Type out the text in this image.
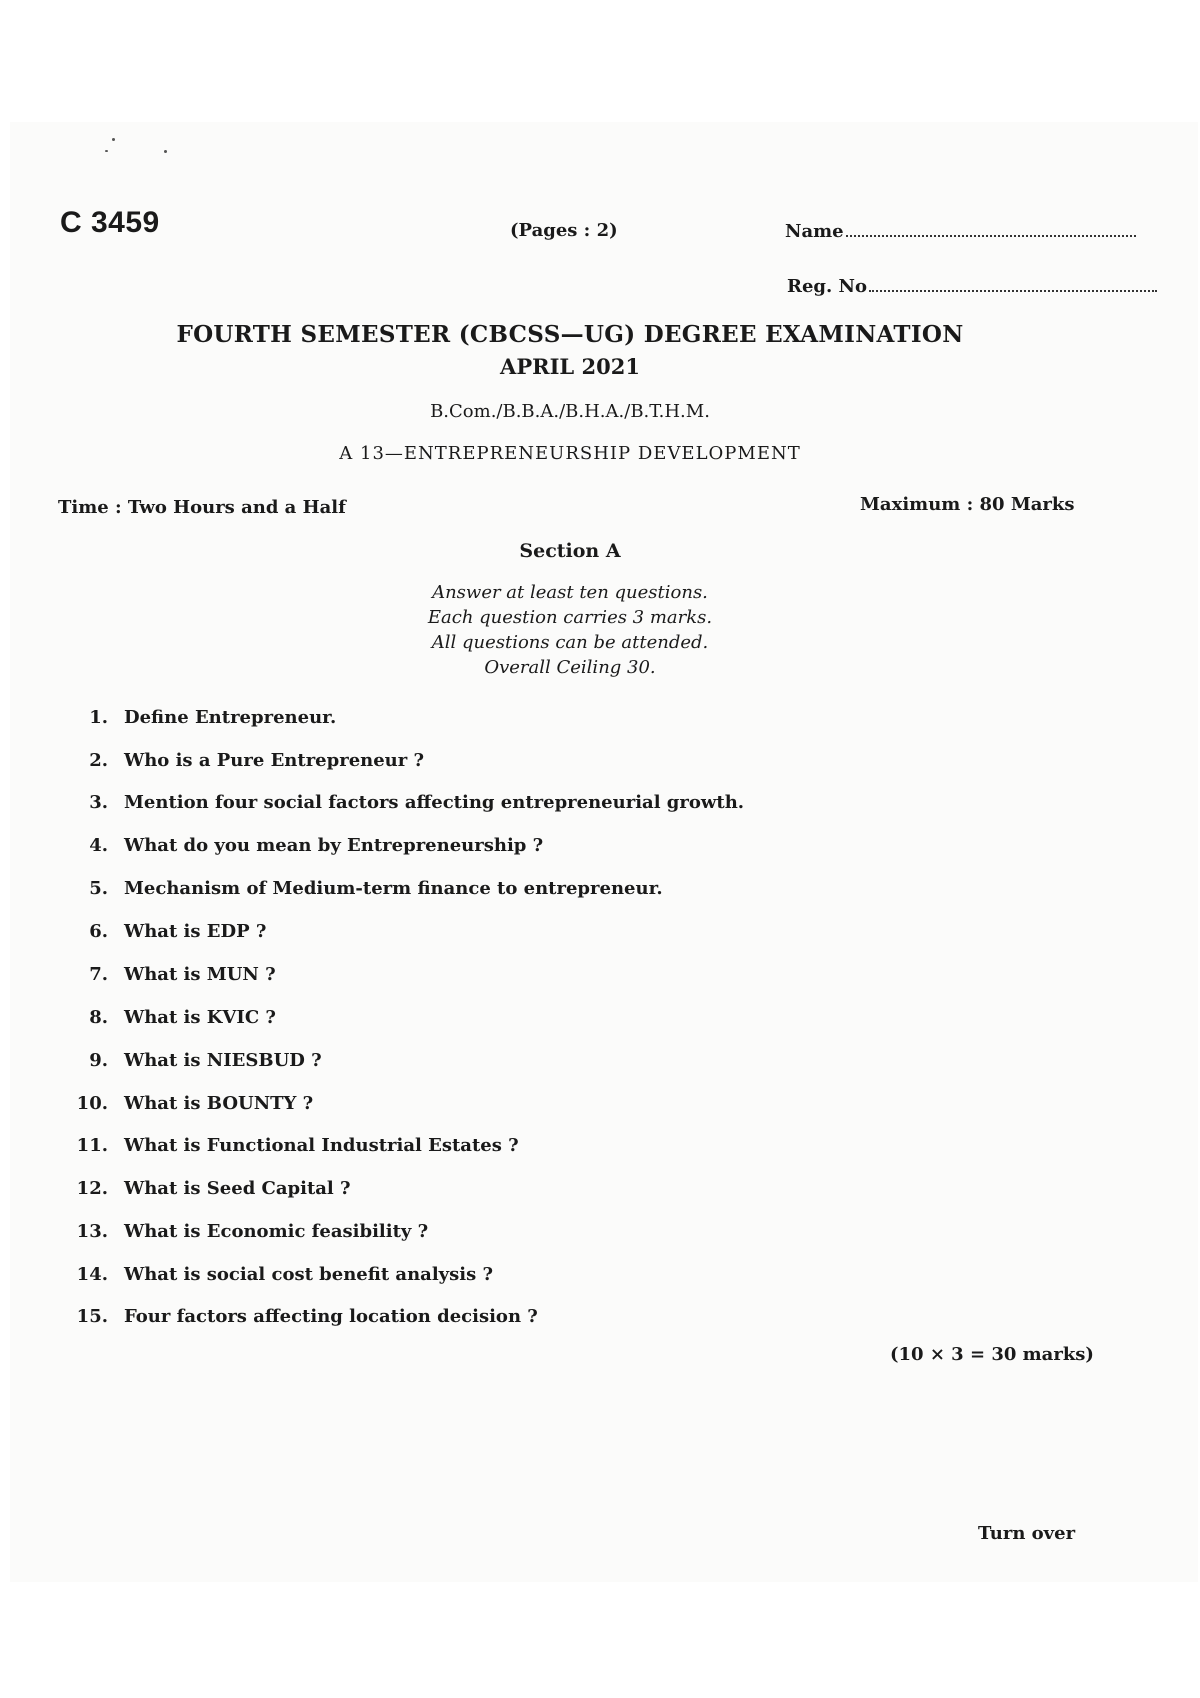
C 3459	(Pages : 2)	Name
Reg. No
FOURTH SEMESTER (CBCSS—UG) DEGREE EXAMINATION
APRIL 2021
B.Com./B.B.A./B.H.A./B.T.H.M.
A 13—ENTREPRENEURSHIP DEVELOPMENT
Time : Two Hours and a Half	Maximum : 80 Marks
Section A
Answer at least ten questions.
Each question carries 3 marks.
All questions can be attended.
Overall Ceiling 30.
1. Define Entrepreneur.
2. Who is a Pure Entrepreneur ?
3. Mention four social factors affecting entrepreneurial growth.
4. What do you mean by Entrepreneurship ?
5. Mechanism of Medium-term finance to entrepreneur.
6. What is EDP ?
7. What is MUN ?
8. What is KVIC ?
9. What is NIESBUD ?
10. What is BOUNTY ?
11. What is Functional Industrial Estates ?
12. What is Seed Capital ?
13. What is Economic feasibility ?
14. What is social cost benefit analysis ?
15. Four factors affecting location decision ?
(10 × 3 = 30 marks)
Turn over
